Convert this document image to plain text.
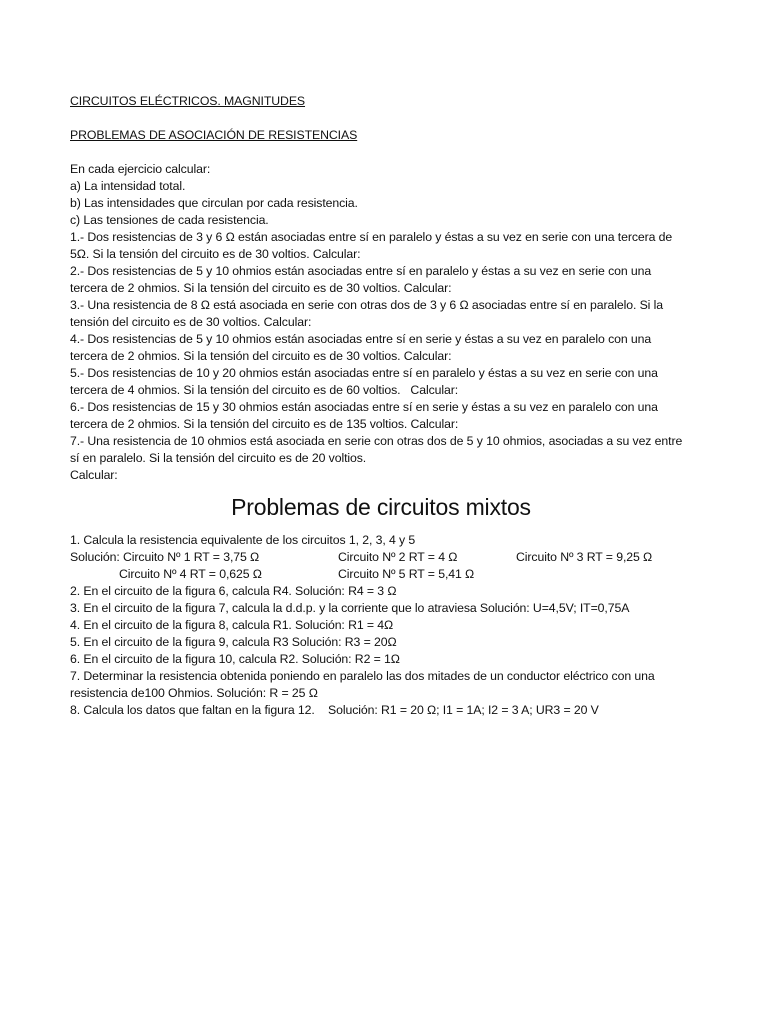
CIRCUITOS ELÉCTRICOS. MAGNITUDES

PROBLEMAS DE ASOCIACIÓN DE RESISTENCIAS

En cada ejercicio calcular:

a) La intensidad total.

b) Las intensidades que circulan por cada resistencia.

c) Las tensiones de cada resistencia.

1.- Dos resistencias de 3 y 6 Ω están asociadas entre sí en paralelo y éstas a su vez en serie con una tercera de 5Ω. Si la tensión del circuito es de 30 voltios. Calcular:

2.- Dos resistencias de 5 y 10 ohmios están asociadas entre sí en paralelo y éstas a su vez en serie con una tercera de 2 ohmios. Si la tensión del circuito es de 30 voltios. Calcular:

3.- Una resistencia de 8 Ω está asociada en serie con otras dos de 3 y 6 Ω asociadas entre sí en paralelo. Si la tensión del circuito es de 30 voltios. Calcular:

4.- Dos resistencias de 5 y 10 ohmios están asociadas entre sí en serie y éstas a su vez en paralelo con una tercera de 2 ohmios. Si la tensión del circuito es de 30 voltios. Calcular:

5.- Dos resistencias de 10 y 20 ohmios están asociadas entre sí en paralelo y éstas a su vez en serie con una tercera de 4 ohmios. Si la tensión del circuito es de 60 voltios.   Calcular:

6.- Dos resistencias de 15 y 30 ohmios están asociadas entre sí en serie y éstas a su vez en paralelo con una tercera de 2 ohmios. Si la tensión del circuito es de 135 voltios. Calcular:

7.- Una resistencia de 10 ohmios está asociada en serie con otras dos de 5 y 10 ohmios, asociadas a su vez entre sí en paralelo. Si la tensión del circuito es de 20 voltios.

Calcular:

Problemas de circuitos mixtos

1. Calcula la resistencia equivalente de los circuitos 1, 2, 3, 4 y 5

Solución: Circuito Nº 1 RT = 3,75 Ω	Circuito Nº 2 RT = 4 Ω	Circuito Nº 3 RT = 9,25 Ω
Circuito Nº 4 RT = 0,625 Ω	Circuito Nº 5 RT = 5,41 Ω

2. En el circuito de la figura 6, calcula R4. Solución: R4 = 3 Ω

3. En el circuito de la figura 7, calcula la d.d.p. y la corriente que lo atraviesa Solución: U=4,5V; IT=0,75A

4. En el circuito de la figura 8, calcula R1. Solución: R1 = 4Ω

5. En el circuito de la figura 9, calcula R3 Solución: R3 = 20Ω

6. En el circuito de la figura 10, calcula R2. Solución: R2 = 1Ω

7. Determinar la resistencia obtenida poniendo en paralelo las dos mitades de un conductor eléctrico con una resistencia de100 Ohmios. Solución: R = 25 Ω

8. Calcula los datos que faltan en la figura 12.    Solución: R1 = 20 Ω; I1 = 1A; I2 = 3 A; UR3 = 20 V
